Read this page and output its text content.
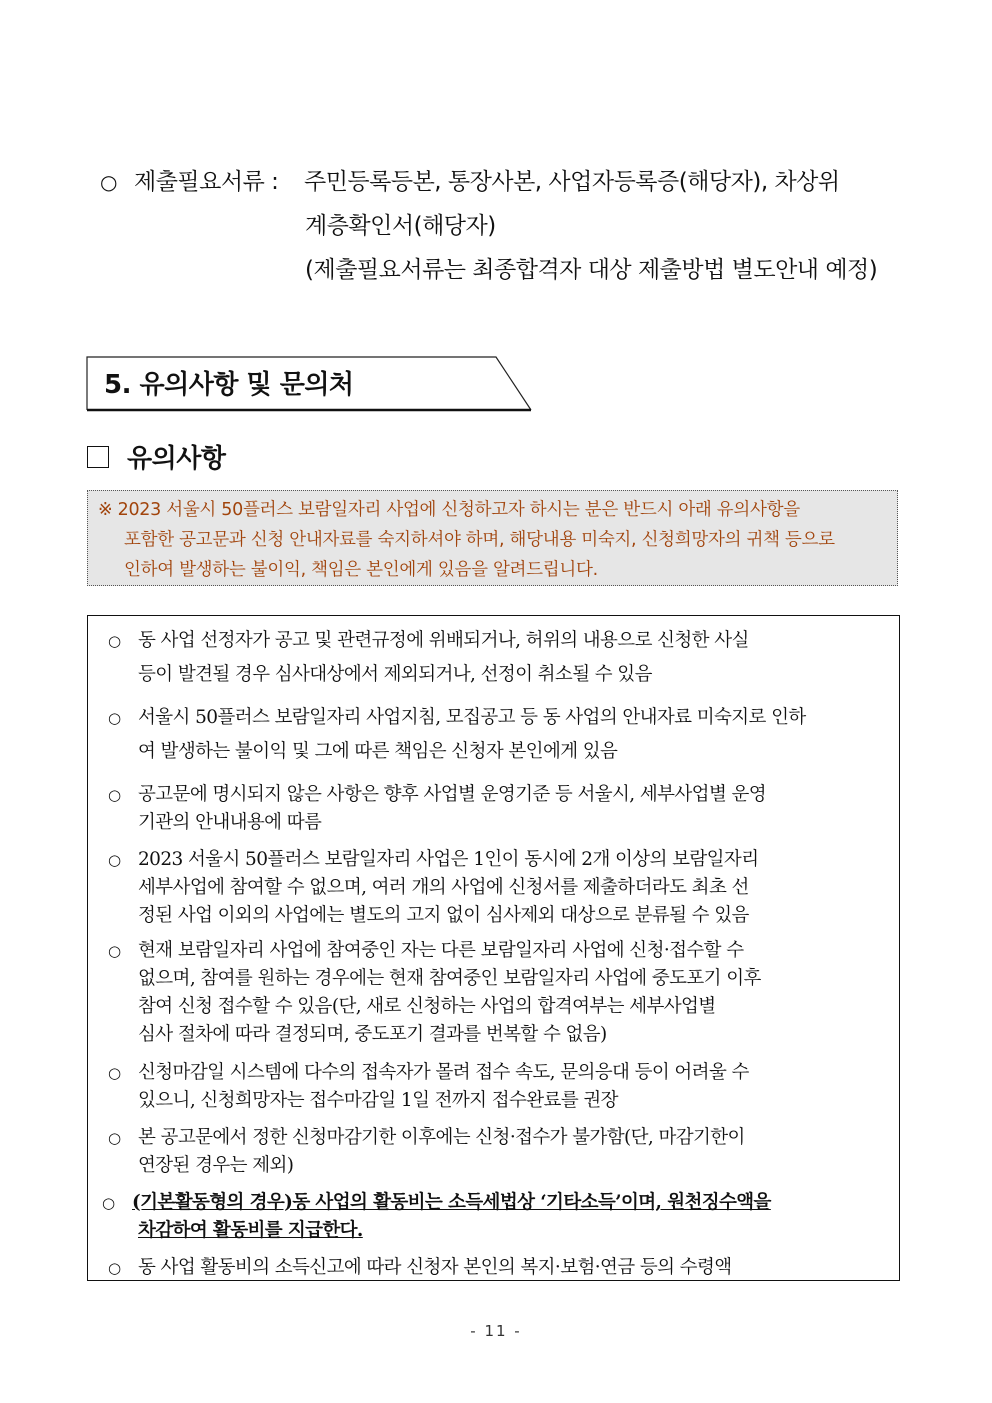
○ 제출필요서류 :	주민등록등본, 통장사본, 사업자등록증(해당자), 차상위
계층확인서(해당자)
(제출필요서류는 최종합격자 대상 제출방법 별도안내 예정)
5. 유의사항 및 문의처
유의사항
※ 2023 서울시 50플러스 보람일자리 사업에 신청하고자 하시는 분은 반드시 아래 유의사항을
포함한 공고문과 신청 안내자료를 숙지하셔야 하며, 해당내용 미숙지, 신청희망자의 귀책 등으로
인하여 발생하는 불이익, 책임은 본인에게 있음을 알려드립니다.
○ 동 사업 선정자가 공고 및 관련규정에 위배되거나, 허위의 내용으로 신청한 사실
등이 발견될 경우 심사대상에서 제외되거나, 선정이 취소될 수 있음
○ 서울시 50플러스 보람일자리 사업지침, 모집공고 등 동 사업의 안내자료 미숙지로 인하
여 발생하는 불이익 및 그에 따른 책임은 신청자 본인에게 있음
○ 공고문에 명시되지 않은 사항은 향후 사업별 운영기준 등 서울시, 세부사업별 운영
기관의 안내내용에 따름
○ 2023 서울시 50플러스 보람일자리 사업은 1인이 동시에 2개 이상의 보람일자리
세부사업에 참여할 수 없으며, 여러 개의 사업에 신청서를 제출하더라도 최초 선
정된 사업 이외의 사업에는 별도의 고지 없이 심사제외 대상으로 분류될 수 있음
○ 현재 보람일자리 사업에 참여중인 자는 다른 보람일자리 사업에 신청·접수할 수
없으며, 참여를 원하는 경우에는 현재 참여중인 보람일자리 사업에 중도포기 이후
참여 신청 접수할 수 있음(단, 새로 신청하는 사업의 합격여부는 세부사업별
심사 절차에 따라 결정되며, 중도포기 결과를 번복할 수 없음)
○ 신청마감일 시스템에 다수의 접속자가 몰려 접수 속도, 문의응대 등이 어려울 수
있으니, 신청희망자는 접수마감일 1일 전까지 접수완료를 권장
○ 본 공고문에서 정한 신청마감기한 이후에는 신청·접수가 불가함(단, 마감기한이
연장된 경우는 제외)
○ (기본활동형의 경우)동 사업의 활동비는 소득세법상 ‘기타소득’이며, 원천징수액을
차감하여 활동비를 지급한다.
○ 동 사업 활동비의 소득신고에 따라 신청자 본인의 복지·보험·연금 등의 수령액
- 11 -
